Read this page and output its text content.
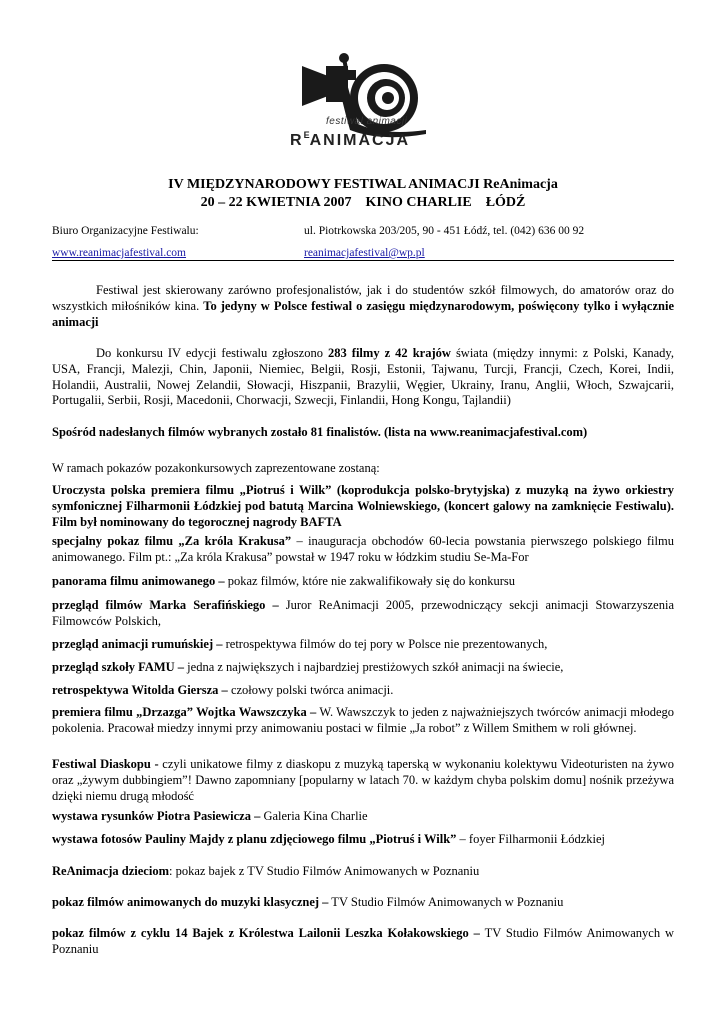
festiwal animacji
$R^EANIMACJA$
IV MIĘDZYNARODOWY FESTIWAL ANIMACJI ReAnimacja
20 – 22 KWIETNIA 2007    KINO CHARLIE    ŁÓDŹ
Biuro Organizacyjne Festiwalu:	ul. Piotrkowska 203/205, 90 - 451 Łódź, tel. (042) 636 00 92
www.reanimacjafestival.com	reanimacjafestival@wp.pl

Festiwal jest skierowany zarówno profesjonalistów, jak i do studentów szkół filmowych, do amatorów oraz do wszystkich miłośników kina. To jedyny w Polsce festiwal o zasięgu międzynarodowym, poświęcony tylko i wyłącznie animacji

Do konkursu IV edycji festiwalu zgłoszono 283 filmy z 42 krajów świata (między innymi: z Polski, Kanady, USA, Francji, Malezji, Chin, Japonii, Niemiec, Belgii, Rosji, Estonii, Tajwanu, Turcji, Francji, Czech, Korei, Indii, Holandii, Australii, Nowej Zelandii, Słowacji, Hiszpanii, Brazylii, Węgier, Ukrainy, Iranu, Anglii, Włoch, Szwajcarii, Portugalii, Serbii, Rosji, Macedonii, Chorwacji, Szwecji, Finlandii, Hong Kongu, Tajlandii)

Spośród nadesłanych filmów wybranych zostało 81 finalistów. (lista na www.reanimacjafestival.com)

W ramach pokazów pozakonkursowych zaprezentowane zostaną:

Uroczysta polska premiera filmu „Piotruś i Wilk” (koprodukcja polsko-brytyjska) z muzyką na żywo orkiestry symfonicznej Filharmonii Łódzkiej pod batutą Marcina Wolniewskiego, (koncert galowy na zamknięcie Festiwalu). Film był nominowany do tegorocznej nagrody BAFTA

specjalny pokaz filmu „Za króla Krakusa” – inauguracja obchodów 60-lecia powstania pierwszego polskiego filmu animowanego. Film pt.: „Za króla Krakusa” powstał w 1947 roku w łódzkim studiu Se-Ma-For

panorama filmu animowanego – pokaz filmów, które nie zakwalifikowały się do konkursu

przegląd filmów Marka Serafińskiego – Juror ReAnimacji 2005, przewodniczący sekcji animacji Stowarzyszenia Filmowców Polskich,

przegląd animacji rumuńskiej – retrospektywa filmów do tej pory w Polsce nie prezentowanych,

przegląd szkoły FAMU – jedna z największych i najbardziej prestiżowych szkół animacji na świecie,

retrospektywa Witolda Giersza – czołowy polski twórca animacji.

premiera filmu „Drzazga” Wojtka Wawszczyka – W. Wawszczyk to jeden z najważniejszych twórców animacji młodego pokolenia. Pracował miedzy innymi przy animowaniu postaci w filmie „Ja robot” z Willem Smithem w roli głównej.

Festiwal Diaskopu - czyli unikatowe filmy z diaskopu z muzyką taperską w wykonaniu kolektywu Videoturisten na żywo oraz „żywym dubbingiem”! Dawno zapomniany [popularny w latach 70. w każdym chyba polskim domu] nośnik przeżywa dzięki niemu drugą młodość

wystawa rysunków Piotra Pasiewicza – Galeria Kina Charlie

wystawa fotosów Pauliny Majdy z planu zdjęciowego filmu „Piotruś i Wilk” – foyer Filharmonii Łódzkiej

ReAnimacja dzieciom: pokaz bajek z TV Studio Filmów Animowanych w Poznaniu

pokaz filmów animowanych do muzyki klasycznej – TV Studio Filmów Animowanych w Poznaniu

pokaz filmów z cyklu 14 Bajek z Królestwa Lailonii Leszka Kołakowskiego – TV Studio Filmów Animowanych w Poznaniu
